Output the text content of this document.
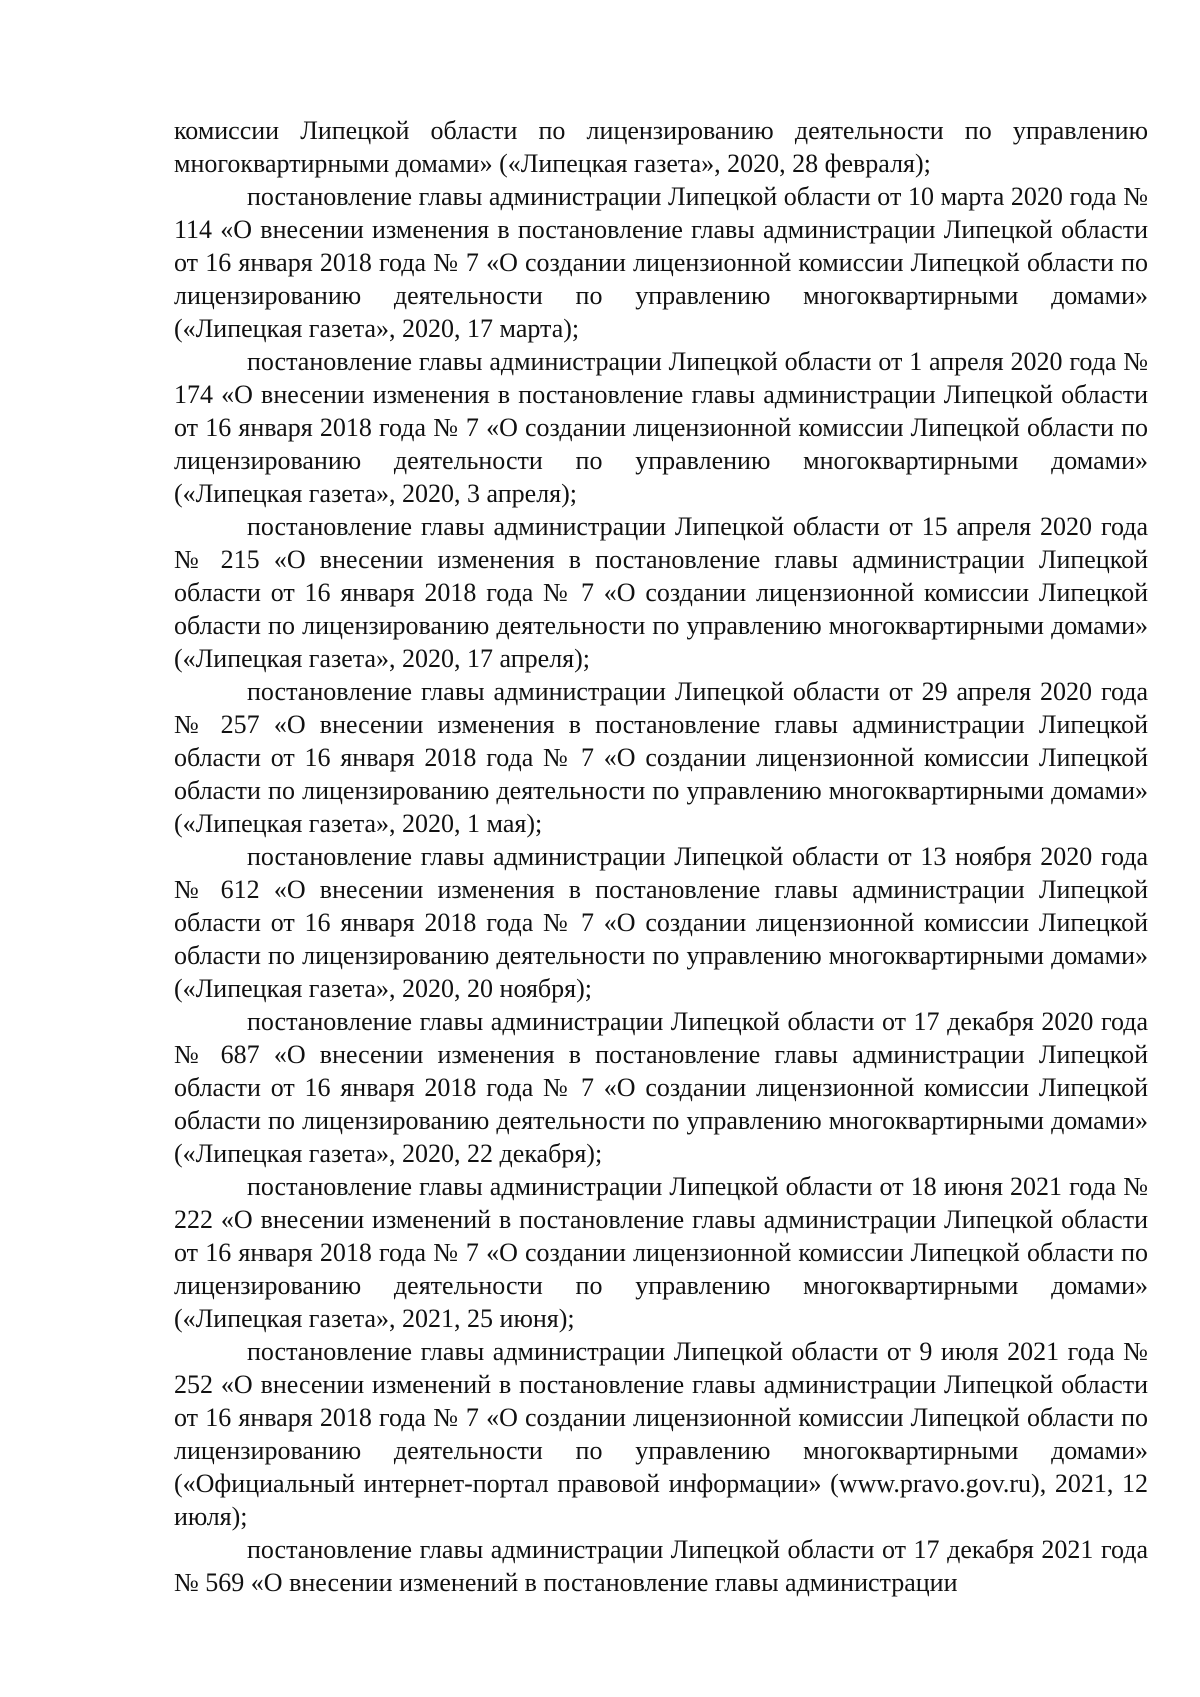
комиссии Липецкой области по лицензированию деятельности по управлению многоквартирными домами» («Липецкая газета», 2020, 28 февраля);

постановление главы администрации Липецкой области от 10 марта 2020 года № 114 «О внесении изменения в постановление главы администрации Липецкой области от 16 января 2018 года № 7 «О создании лицензионной комиссии Липецкой области по лицензированию деятельности по управлению многоквартирными домами» («Липецкая газета», 2020, 17 марта);

постановление главы администрации Липецкой области от 1 апреля 2020 года № 174 «О внесении изменения в постановление главы администрации Липецкой области от 16 января 2018 года № 7 «О создании лицензионной комиссии Липецкой области по лицензированию деятельности по управлению многоквартирными домами» («Липецкая газета», 2020, 3 апреля);

постановление главы администрации Липецкой области от 15 апреля 2020 года № 215 «О внесении изменения в постановление главы администрации Липецкой области от 16 января 2018 года № 7 «О создании лицензионной комиссии Липецкой области по лицензированию деятельности по управлению многоквартирными домами» («Липецкая газета», 2020, 17 апреля);

постановление главы администрации Липецкой области от 29 апреля 2020 года № 257 «О внесении изменения в постановление главы администрации Липецкой области от 16 января 2018 года № 7 «О создании лицензионной комиссии Липецкой области по лицензированию деятельности по управлению многоквартирными домами» («Липецкая газета», 2020, 1 мая);

постановление главы администрации Липецкой области от 13 ноября 2020 года № 612 «О внесении изменения в постановление главы администрации Липецкой области от 16 января 2018 года № 7 «О создании лицензионной комиссии Липецкой области по лицензированию деятельности по управлению многоквартирными домами» («Липецкая газета», 2020, 20 ноября);

постановление главы администрации Липецкой области от 17 декабря 2020 года № 687 «О внесении изменения в постановление главы администрации Липецкой области от 16 января 2018 года № 7 «О создании лицензионной комиссии Липецкой области по лицензированию деятельности по управлению многоквартирными домами» («Липецкая газета», 2020, 22 декабря);

постановление главы администрации Липецкой области от 18 июня 2021 года № 222 «О внесении изменений в постановление главы администрации Липецкой области от 16 января 2018 года № 7 «О создании лицензионной комиссии Липецкой области по лицензированию деятельности по управлению многоквартирными домами» («Липецкая газета», 2021, 25 июня);

постановление главы администрации Липецкой области от 9 июля 2021 года № 252 «О внесении изменений в постановление главы администрации Липецкой области от 16 января 2018 года № 7 «О создании лицензионной комиссии Липецкой области по лицензированию деятельности по управлению многоквартирными домами» («Официальный интернет-портал правовой информации» (www.pravo.gov.ru), 2021, 12 июля);

постановление главы администрации Липецкой области от 17 декабря 2021 года № 569 «О внесении изменений в постановление главы администрации
